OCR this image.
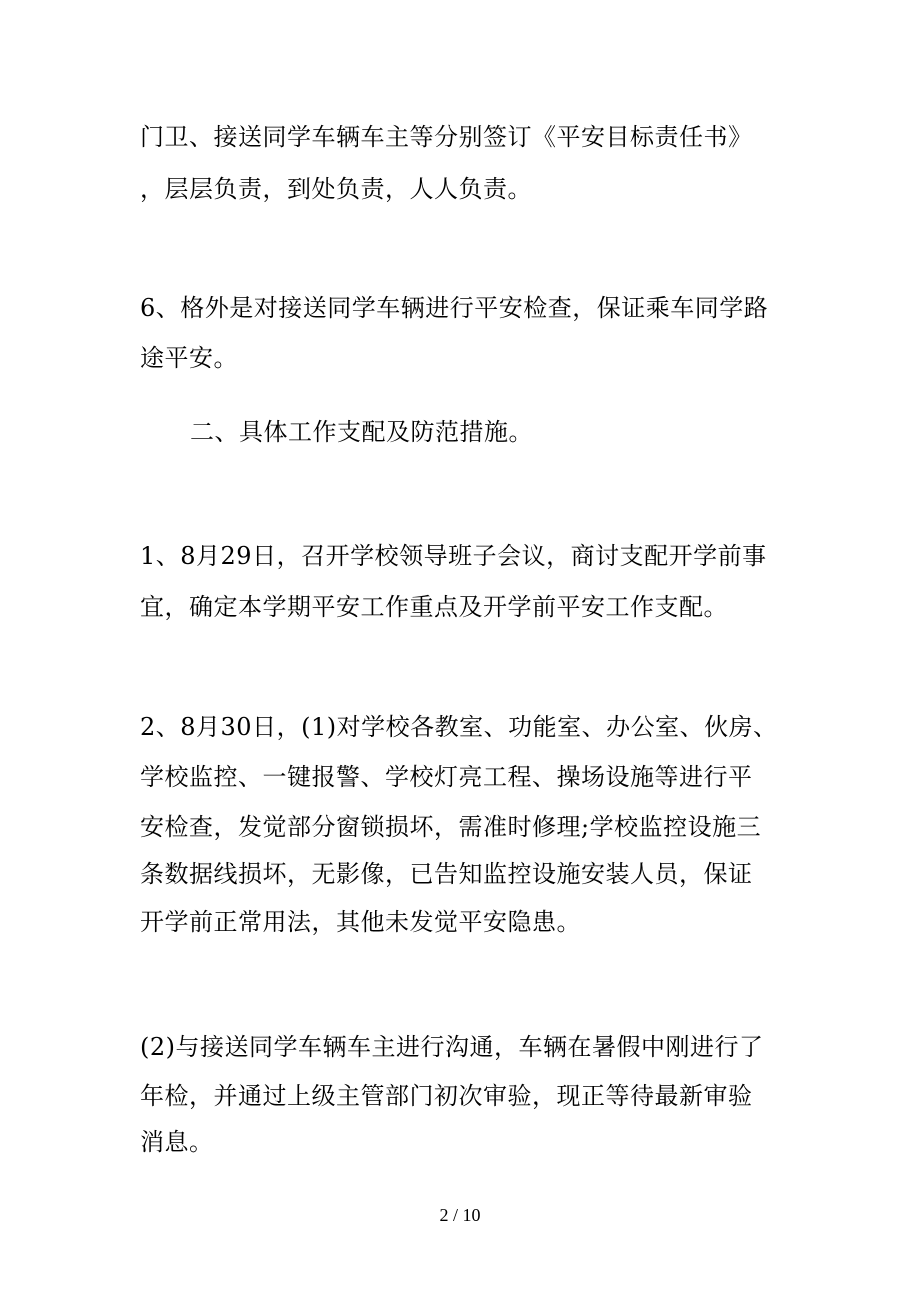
门卫、接送同学车辆车主等分别签订《平安目标责任书》
，层层负责，到处负责，人人负责。
6、格外是对接送同学车辆进行平安检查，保证乘车同学路
途平安。
二、具体工作支配及防范措施。
1、8月29日，召开学校领导班子会议，商讨支配开学前事
宜，确定本学期平安工作重点及开学前平安工作支配。
2、8月30日，(1)对学校各教室、功能室、办公室、伙房、
学校监控、一键报警、学校灯亮工程、操场设施等进行平
安检查，发觉部分窗锁损坏，需准时修理;学校监控设施三
条数据线损坏，无影像，已告知监控设施安装人员，保证
开学前正常用法，其他未发觉平安隐患。
(2)与接送同学车辆车主进行沟通，车辆在暑假中刚进行了
年检，并通过上级主管部门初次审验，现正等待最新审验
消息。
2 / 10
